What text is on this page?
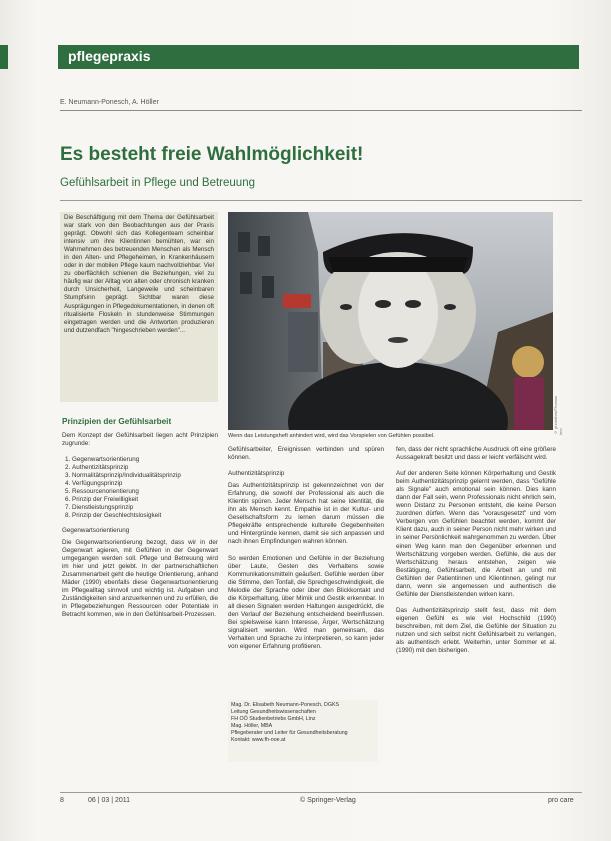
pflegepraxis
E. Neumann-Ponesch, A. Höller
Es besteht freie Wahlmöglichkeit!
Gefühlsarbeit in Pflege und Betreuung
Die Beschäftigung mit dem Thema der Gefühlsarbeit war stark von den Beobachtungen aus der Praxis geprägt. Obwohl sich das Kollegenteam scheinbar intensiv um ihre Klientinnen bemühten, war ein Wahrnehmen des betreuenden Menschen als Mensch in den Alten- und Pflegeheimen, in Krankenhäusern oder in der mobilen Pflege kaum nachvollziehbar. Viel zu oberflächlich schienen die Beziehungen, viel zu häufig war der Alltag von alten oder chronisch kranken durch Unsicherheit, Langeweile und scheinbaren Stumpfsinn geprägt. Sichtbar waren diese Ausprägungen in Pflegedokumentationen, in denen oft ritualisierte Floskeln in stundenweise Stimmungen eingetragen werden und die Antworten produzieren und dutzendfach "hingeschrieben werden"...
© photothek/Thomas Imo
Wenn das Leistungsheft anhindert wird, wird das Vorspielen von Gefühlen possibel.
Prinzipien der Gefühlsarbeit

Dem Konzept der Gefühlsarbeit liegen acht Prinzipien zugrunde:

1. Gegenwartsorientierung
2. Authentizitätsprinzip
3. Normalitätsprinzip/Individualitätsprinzip
4. Verfügungsprinzip
5. Ressourcenorientierung
6. Prinzip der Freiwilligkeit
7. Dienstleistungsprinzip
8. Prinzip der Geschlechtslosigkeit

Gegenwartsorientierung

Die Gegenwartsorientierung bezogt, dass wir in der Gegenwart agieren, mit Gefühlen in der Gegenwart umgegangen werden soll. Pflege und Betreuung wird im hier und jetzt gelebt. In der partnerschaftlichen Zusammenarbeit geht die heutige Orientierung, anhand Mäder (1990) ebenfalls diese Gegenwartsorientierung im Pflegealltag sinnvoll und wichtig ist. Aufgaben und Zuständigkeiten sind anzuerkennen und zu erfüllen, die in Pflegebeziehungen Ressourcen oder Potentiale in Betracht kommen, wie in den Gefühlsarbeit-Prozessen.

Gefühlsarbeiter, Ereignissen verbinden und spüren können.

Authentizitätsprinzip

Das Authentizitätsprinzip ist gekennzeichnet von der Erfahrung, die sowohl der Professional als auch die Klientin spüren. Jeder Mensch hat seine Identität, die ihn als Mensch kennt. Empathie ist in der Kultur- und Gesellschaftsform zu lernen darum müssen die Pflegekräfte entsprechende kulturelle Gegebenheiten und Hintergründe kennen, damit sie sich anpassen und nach ihnen Empfindungen wahren können.

So werden Emotionen und Gefühle in der Beziehung über Laute, Gesten des Verhaltens sowie Kommunikationsmitteln geäußert. Gefühle werden über die Stimme, den Tonfall, die Sprechgeschwindigkeit, die Melodie der Sprache oder über den Blickkontakt und die Körperhaltung, über Mimik und Gestik erkennbar. In all diesen Signalen werden Haltungen ausgedrückt, die den Verlauf der Beziehung entscheidend beeinflussen. Bei spielsweise kann Interesse, Ärger, Wertschätzung signalisiert werden. Wird man gemeinsam, das Verhalten und Sprache zu interpretieren, so kann jeder von eigener Erfahrung profitieren.

Mag. Dr. Elisabeth Neumann-Ponesch, DGKS
Leitung Gesundheitswissenschaften
FH OÖ Studienbetriebs GmbH, Linz
Mag. Höller, MBA
Pflegeberater und Leiter für Gesundheitsberatung
Kontakt: www.fh-ooe.at

fen, dass der nicht sprachliche Ausdruck oft eine größere Aussagekraft besitzt und dass er leicht verfälscht wird.

Auf der anderen Seite können Körperhaltung und Gestik beim Authentizitätsprinzip gelernt werden, dass "Gefühle als Signale" auch emotional sein können. Dies kann dann der Fall sein, wenn Professionals nicht ehrlich sein, wenn Distanz zu Personen entsteht, die keine Person zuordnen dürfen. Wenn das "vorausgesetzt" und vom Verbergen von Gefühlen beachtet werden, kommt der Klient dazu, auch in seiner Person nicht mehr wirken und in seiner Persönlichkeit wahrgenommen zu werden. Über einen Weg kann man den Gegenüber erkennen und Wertschätzung vorgeben werden. Gefühle, die aus der Wertschätzung heraus entstehen, zeigen wie Bestätigung, Gefühlsarbeit, die Arbeit an und mit Gefühlen der Patientinnen und Klientinnen, gelingt nur dann, wenn sie angemessen und authentisch die Gefühle der Dienstleistenden wirken kann.

Das Authentizitätsprinzip stellt fest, dass mit dem eigenen Gefühl es wie viel Hochschild (1990) beschreiben, mit dem Ziel, die Gefühle der Situation zu nutzen und sich selbst nicht Gefühlsarbeit zu verlangen, als authentisch erlebt. Weiterhin, unter Sommer et al. (1990) mit den bisherigen.

8	06 | 03 | 2011	© Springer-Verlag	pro care
